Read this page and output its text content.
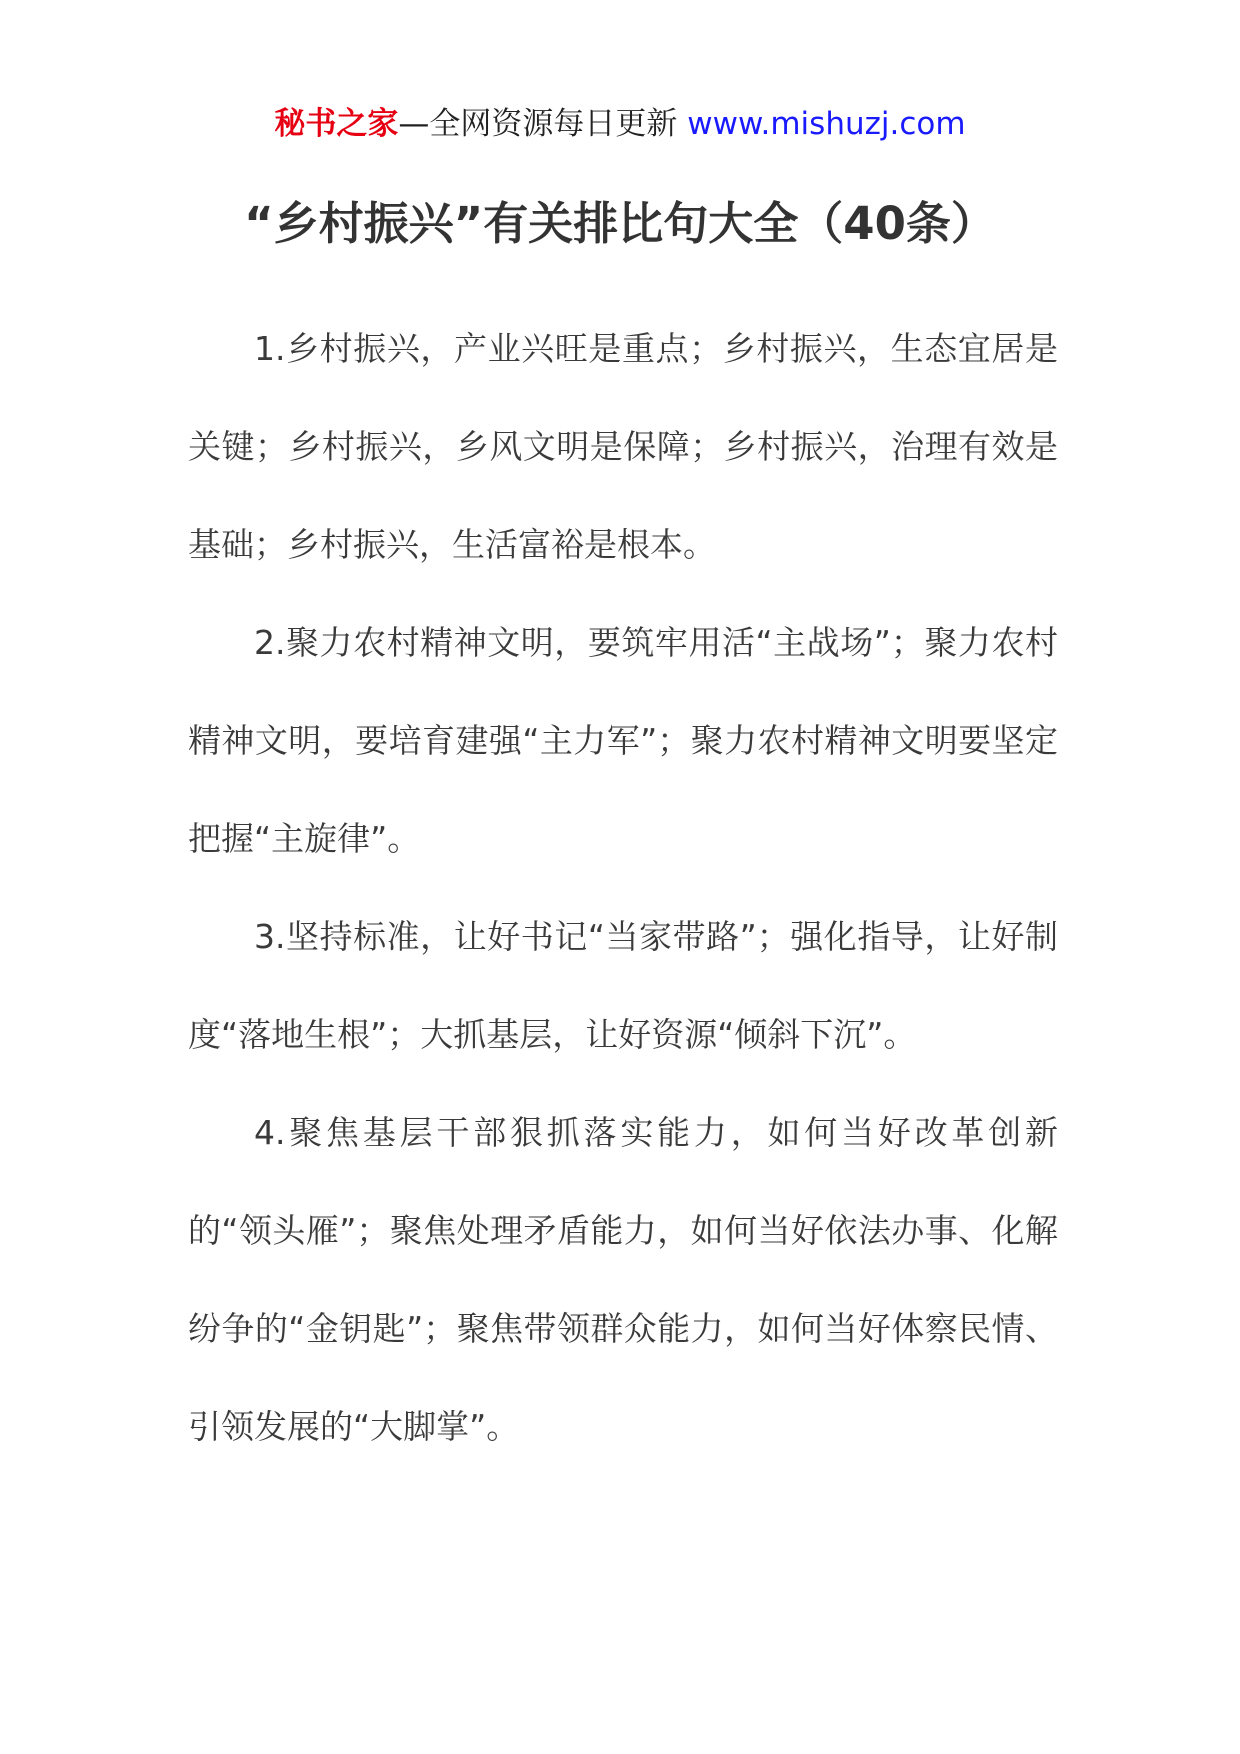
秘书之家—全网资源每日更新 www.mishuzj.com
“乡村振兴”有关排比句大全（40条）

1.乡村振兴，产业兴旺是重点；乡村振兴，生态宜居是关键；乡村振兴，乡风文明是保障；乡村振兴，治理有效是基础；乡村振兴，生活富裕是根本。

2.聚力农村精神文明，要筑牢用活“主战场”；聚力农村精神文明，要培育建强“主力军”；聚力农村精神文明要坚定把握“主旋律”。

3.坚持标准，让好书记“当家带路”；强化指导，让好制度“落地生根”；大抓基层，让好资源“倾斜下沉”。

4.聚焦基层干部狠抓落实能力，如何当好改革创新的“领头雁”；聚焦处理矛盾能力，如何当好依法办事、化解纷争的“金钥匙”；聚焦带领群众能力，如何当好体察民情、引领发展的“大脚掌”。
